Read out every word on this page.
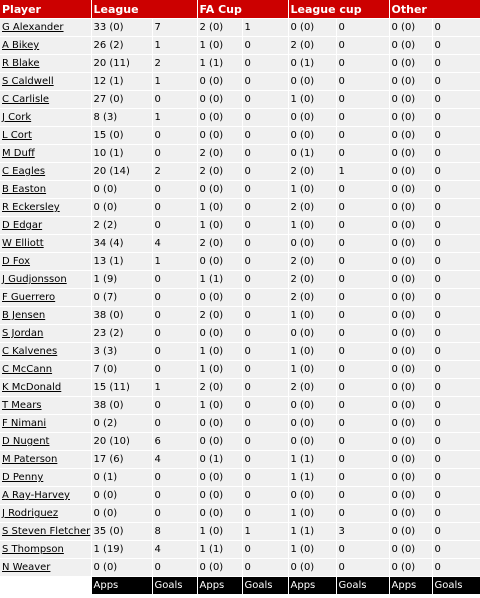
Player	League		FA Cup		League cup		Other	
G Alexander	33 (0)	7	2 (0)	1	0 (0)	0	0 (0)	0
A Bikey	26 (2)	1	1 (0)	0	2 (0)	0	0 (0)	0
R Blake	20 (11)	2	1 (1)	0	0 (1)	0	0 (0)	0
S Caldwell	12 (1)	1	0 (0)	0	0 (0)	0	0 (0)	0
C Carlisle	27 (0)	0	0 (0)	0	1 (0)	0	0 (0)	0
J Cork	8 (3)	1	0 (0)	0	0 (0)	0	0 (0)	0
L Cort	15 (0)	0	0 (0)	0	0 (0)	0	0 (0)	0
M Duff	10 (1)	0	2 (0)	0	0 (1)	0	0 (0)	0
C Eagles	20 (14)	2	2 (0)	0	2 (0)	1	0 (0)	0
B Easton	0 (0)	0	0 (0)	0	1 (0)	0	0 (0)	0
R Eckersley	0 (0)	0	1 (0)	0	2 (0)	0	0 (0)	0
D Edgar	2 (2)	0	1 (0)	0	1 (0)	0	0 (0)	0
W Elliott	34 (4)	4	2 (0)	0	0 (0)	0	0 (0)	0
D Fox	13 (1)	1	0 (0)	0	2 (0)	0	0 (0)	0
J Gudjonsson	1 (9)	0	1 (1)	0	2 (0)	0	0 (0)	0
F Guerrero	0 (7)	0	0 (0)	0	2 (0)	0	0 (0)	0
B Jensen	38 (0)	0	2 (0)	0	1 (0)	0	0 (0)	0
S Jordan	23 (2)	0	0 (0)	0	0 (0)	0	0 (0)	0
C Kalvenes	3 (3)	0	1 (0)	0	1 (0)	0	0 (0)	0
C McCann	7 (0)	0	1 (0)	0	1 (0)	0	0 (0)	0
K McDonald	15 (11)	1	2 (0)	0	2 (0)	0	0 (0)	0
T Mears	38 (0)	0	1 (0)	0	0 (0)	0	0 (0)	0
F Nimani	0 (2)	0	0 (0)	0	0 (0)	0	0 (0)	0
D Nugent	20 (10)	6	0 (0)	0	0 (0)	0	0 (0)	0
M Paterson	17 (6)	4	0 (1)	0	1 (1)	0	0 (0)	0
D Penny	0 (1)	0	0 (0)	0	1 (1)	0	0 (0)	0
A Ray-Harvey	0 (0)	0	0 (0)	0	0 (0)	0	0 (0)	0
J Rodriguez	0 (0)	0	0 (0)	0	1 (0)	0	0 (0)	0
S Steven Fletcher	35 (0)	8	1 (0)	1	1 (1)	3	0 (0)	0
S Thompson	1 (19)	4	1 (1)	0	1 (0)	0	0 (0)	0
N Weaver	0 (0)	0	0 (0)	0	0 (0)	0	0 (0)	0
	Apps	Goals	Apps	Goals	Apps	Goals	Apps	Goals
